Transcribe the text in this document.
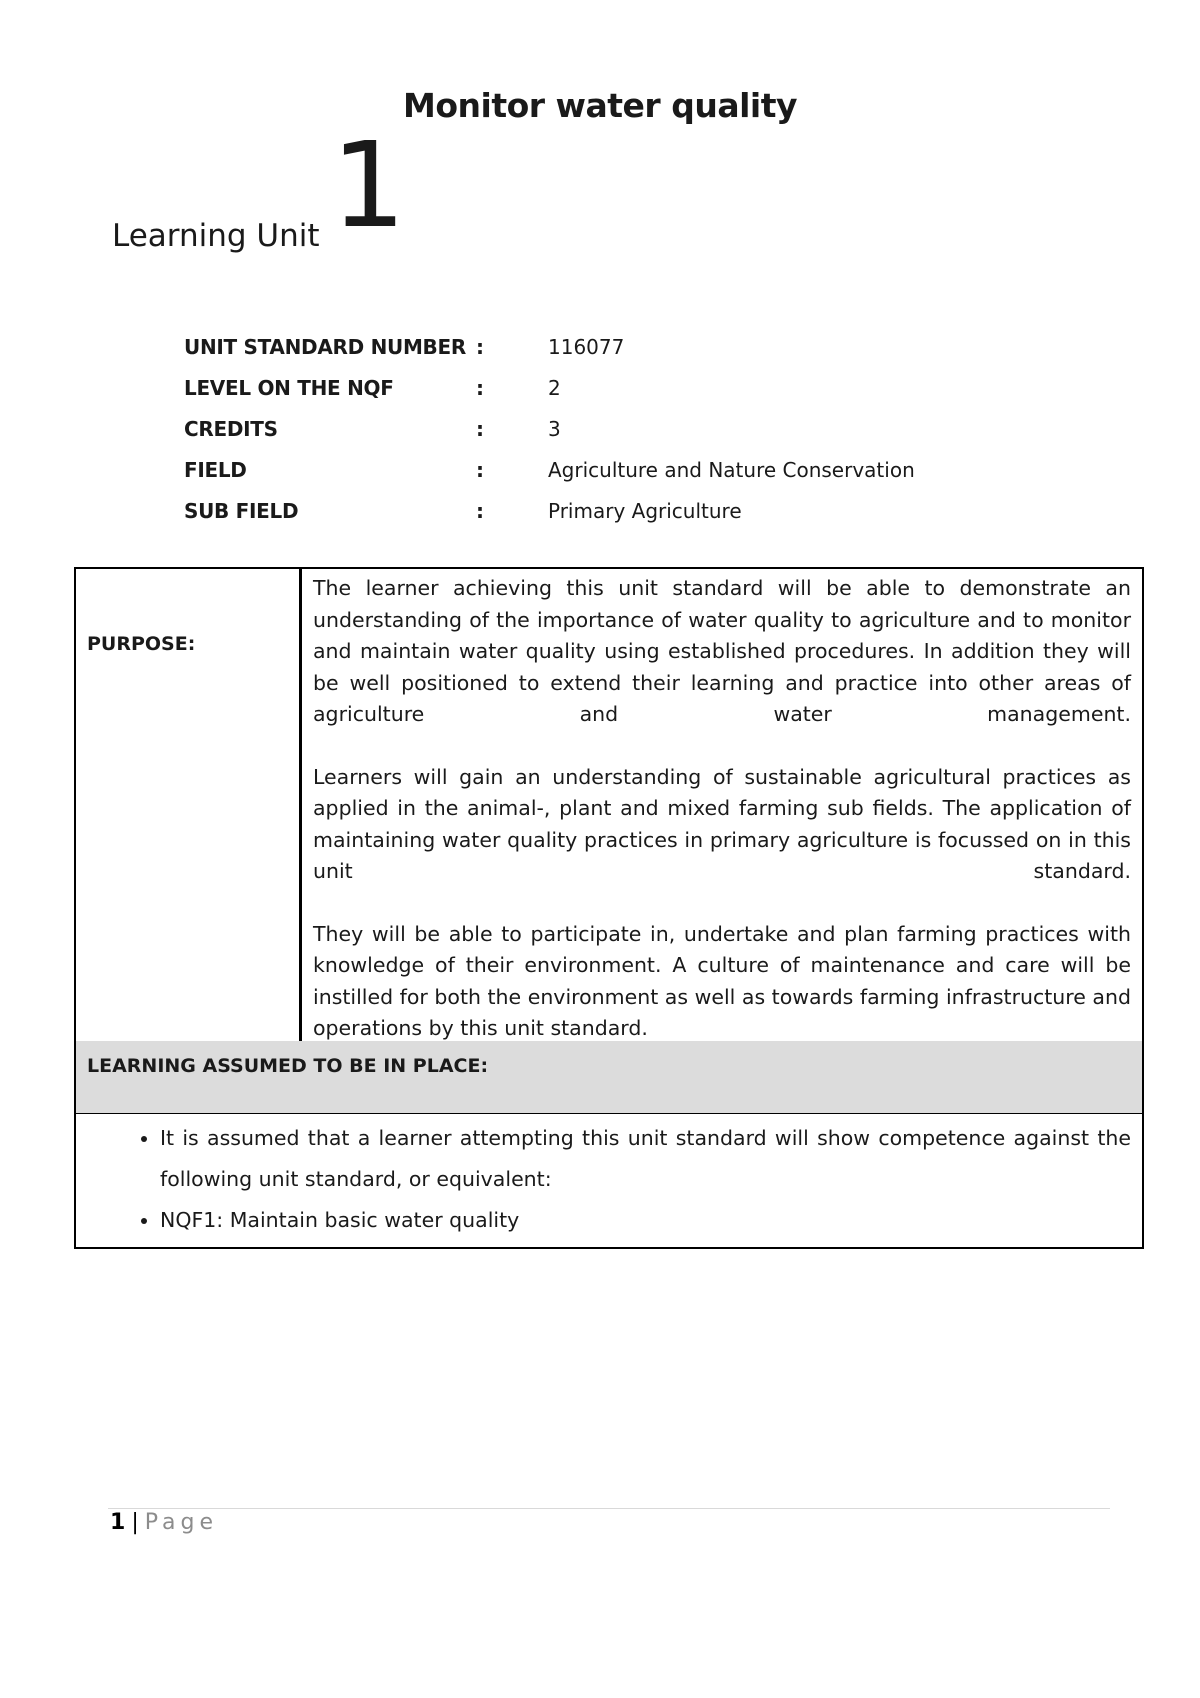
Monitor water quality
Learning Unit 1
UNIT STANDARD NUMBER	:	116077
LEVEL ON THE NQF	:	2
CREDITS	:	3
FIELD	:	Agriculture and Nature Conservation
SUB FIELD	:	Primary Agriculture
PURPOSE:

The learner achieving this unit standard will be able to demonstrate an understanding of the importance of water quality to agriculture and to monitor and maintain water quality using established procedures. In addition they will be well positioned to extend their learning and practice into other areas of agriculture and water management.

Learners will gain an understanding of sustainable agricultural practices as applied in the animal-, plant and mixed farming sub fields. The application of maintaining water quality practices in primary agriculture is focussed on in this unit standard.

They will be able to participate in, undertake and plan farming practices with knowledge of their environment. A culture of maintenance and care will be instilled for both the environment as well as towards farming infrastructure and operations by this unit standard.

LEARNING ASSUMED TO BE IN PLACE:
• It is assumed that a learner attempting this unit standard will show competence against the following unit standard, or equivalent:
• NQF1: Maintain basic water quality
1 | Page
